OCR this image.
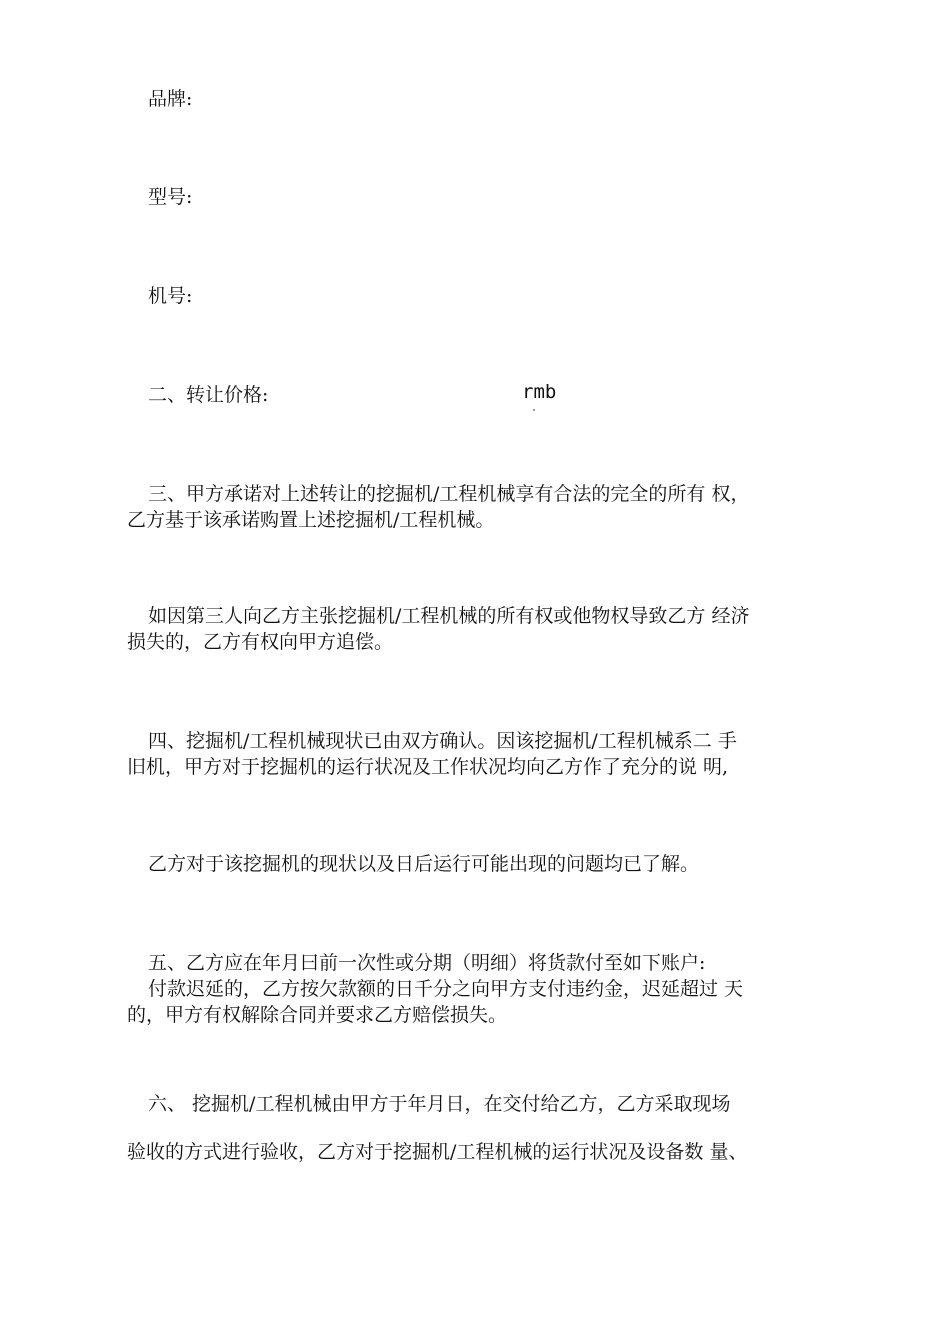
品牌:
型号:
机号:
二、转让价格:	rmb
三、甲方承诺对上述转让的挖掘机/工程机械享有合法的完全的所有 权，
乙方基于该承诺购置上述挖掘机/工程机械。
如因第三人向乙方主张挖掘机/工程机械的所有权或他物权导致乙方 经济
损失的，乙方有权向甲方追偿。
四、挖掘机/工程机械现状已由双方确认。因该挖掘机/工程机械系二 手
旧机，甲方对于挖掘机的运行状况及工作状况均向乙方作了充分的说 明,
乙方对于该挖掘机的现状以及日后运行可能出现的问题均已了解。
五、乙方应在年月曰前一次性或分期（明细）将货款付至如下账户:
付款迟延的，乙方按欠款额的日千分之向甲方支付违约金，迟延超过 天
的，甲方有权解除合同并要求乙方赔偿损失。
六、 挖掘机/工程机械由甲方于年月日，在交付给乙方，乙方采取现场
验收的方式进行验收，乙方对于挖掘机/工程机械的运行状况及设备数 量、
